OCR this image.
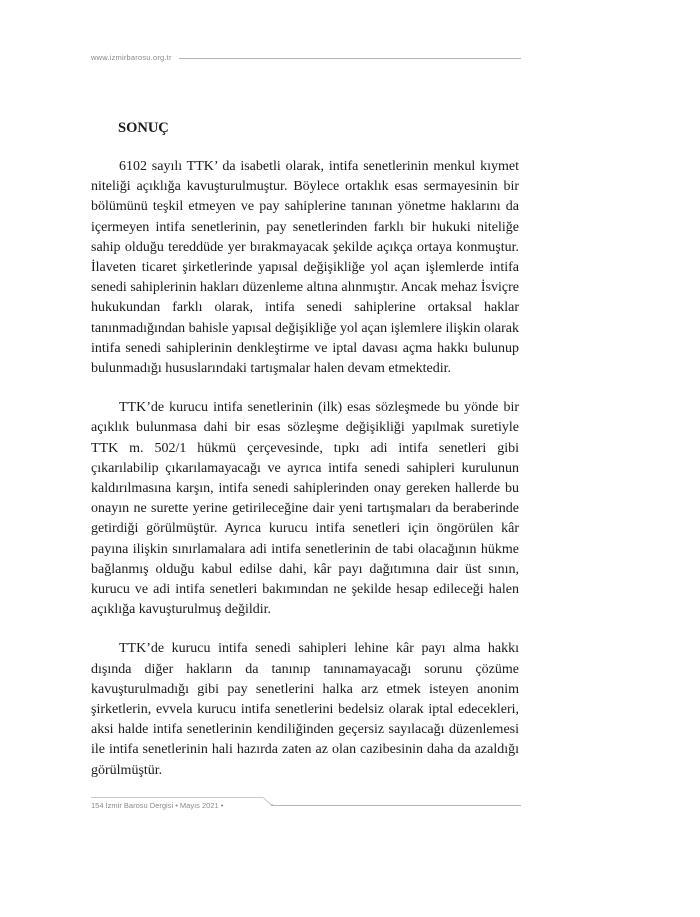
www.izmirbarosu.org.tr
SONUÇ

6102 sayılı TTK’ da isabetli olarak, intifa senetlerinin menkul kıymet niteliği açıklığa kavuşturulmuştur. Böylece ortaklık esas sermayesinin bir bölümünü teşkil etmeyen ve pay sahiplerine tanınan yönetme haklarını da içermeyen intifa senetlerinin, pay senetlerinden farklı bir hukuki niteliğe sahip olduğu tereddüde yer bırakmayacak şekilde açıkça ortaya konmuştur. İlaveten ticaret şirketlerinde yapısal değişikliğe yol açan işlemlerde intifa senedi sahiplerinin hakları düzenleme altına alınmıştır. Ancak mehaz İsviçre hukukundan farklı olarak, intifa senedi sahiplerine ortaksal haklar tanınmadığından bahisle yapısal değişikliğe yol açan işlemlere ilişkin olarak intifa senedi sahiplerinin denkleştirme ve iptal davası açma hakkı bulunup bulunmadığı hususlarındaki tartışmalar halen devam etmektedir.

TTK’de kurucu intifa senetlerinin (ilk) esas sözleşmede bu yönde bir açıklık bulunmasa dahi bir esas sözleşme değişikliği yapılmak suretiyle TTK m. 502/1 hükmü çerçevesinde, tıpkı adi intifa senetleri gibi çıkarılabilip çıkarılamayacağı ve ayrıca intifa senedi sahipleri kurulunun kaldırılmasına karşın, intifa senedi sahiplerinden onay gereken hallerde bu onayın ne surette yerine getirileceğine dair yeni tartışmaları da beraberinde getirdiği görülmüştür. Ayrıca kurucu intifa senetleri için öngörülen kâr payına ilişkin sınırlamalara adi intifa senetlerinin de tabi olacağının hükme bağlanmış olduğu kabul edilse dahi, kâr payı dağıtımına dair üst sının, kurucu ve adi intifa senetleri bakımından ne şekilde hesap edileceği halen açıklığa kavuşturulmuş değildir.

TTK’de kurucu intifa senedi sahipleri lehine kâr payı alma hakkı dışında diğer hakların da tanınıp tanınamayacağı sorunu çözüme kavuşturulmadığı gibi pay senetlerini halka arz etmek isteyen anonim şirketlerin, evvela kurucu intifa senetlerini bedelsiz olarak iptal edecekleri, aksi halde intifa senetlerinin kendiliğinden geçersiz sayılacağı düzenlemesi ile intifa senetlerinin hali hazırda zaten az olan cazibesinin daha da azaldığı görülmüştür.

154 İzmir Barosu Dergisi • Mayıs 2021 •
